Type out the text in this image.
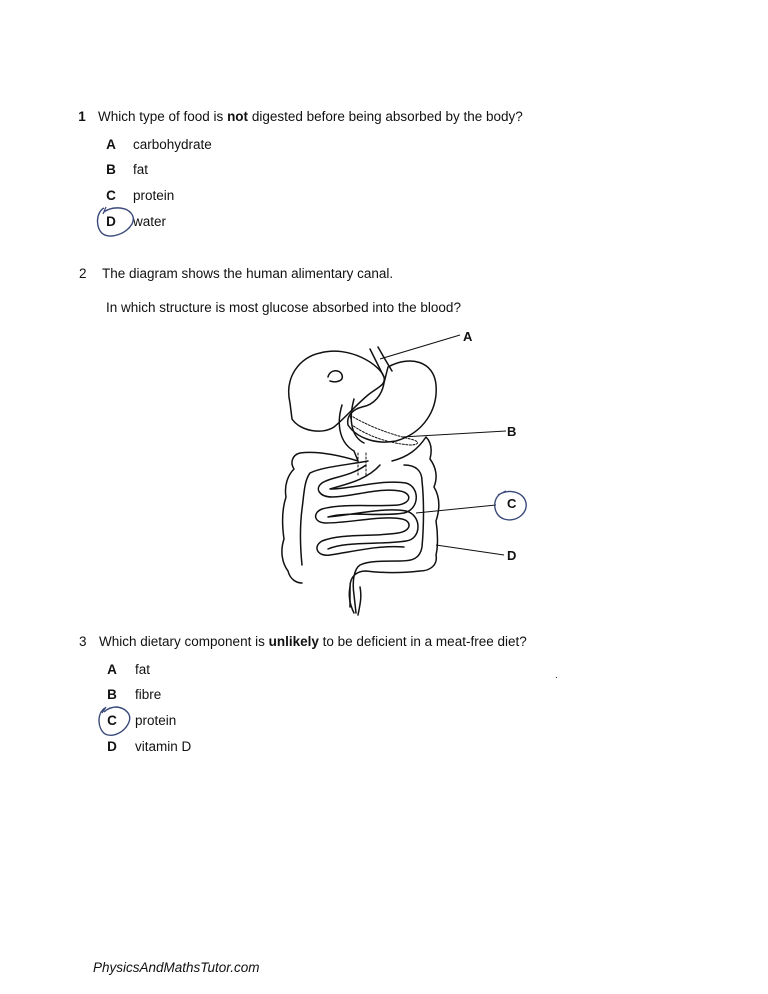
1 Which type of food is not digested before being absorbed by the body?
A carbohydrate
B fat
C protein
D water
2 The diagram shows the human alimentary canal.
In which structure is most glucose absorbed into the blood?
A
B
C
D
3 Which dietary component is unlikely to be deficient in a meat-free diet?
A fat
B fibre
C protein
D vitamin D
.
PhysicsAndMathsTutor.com
